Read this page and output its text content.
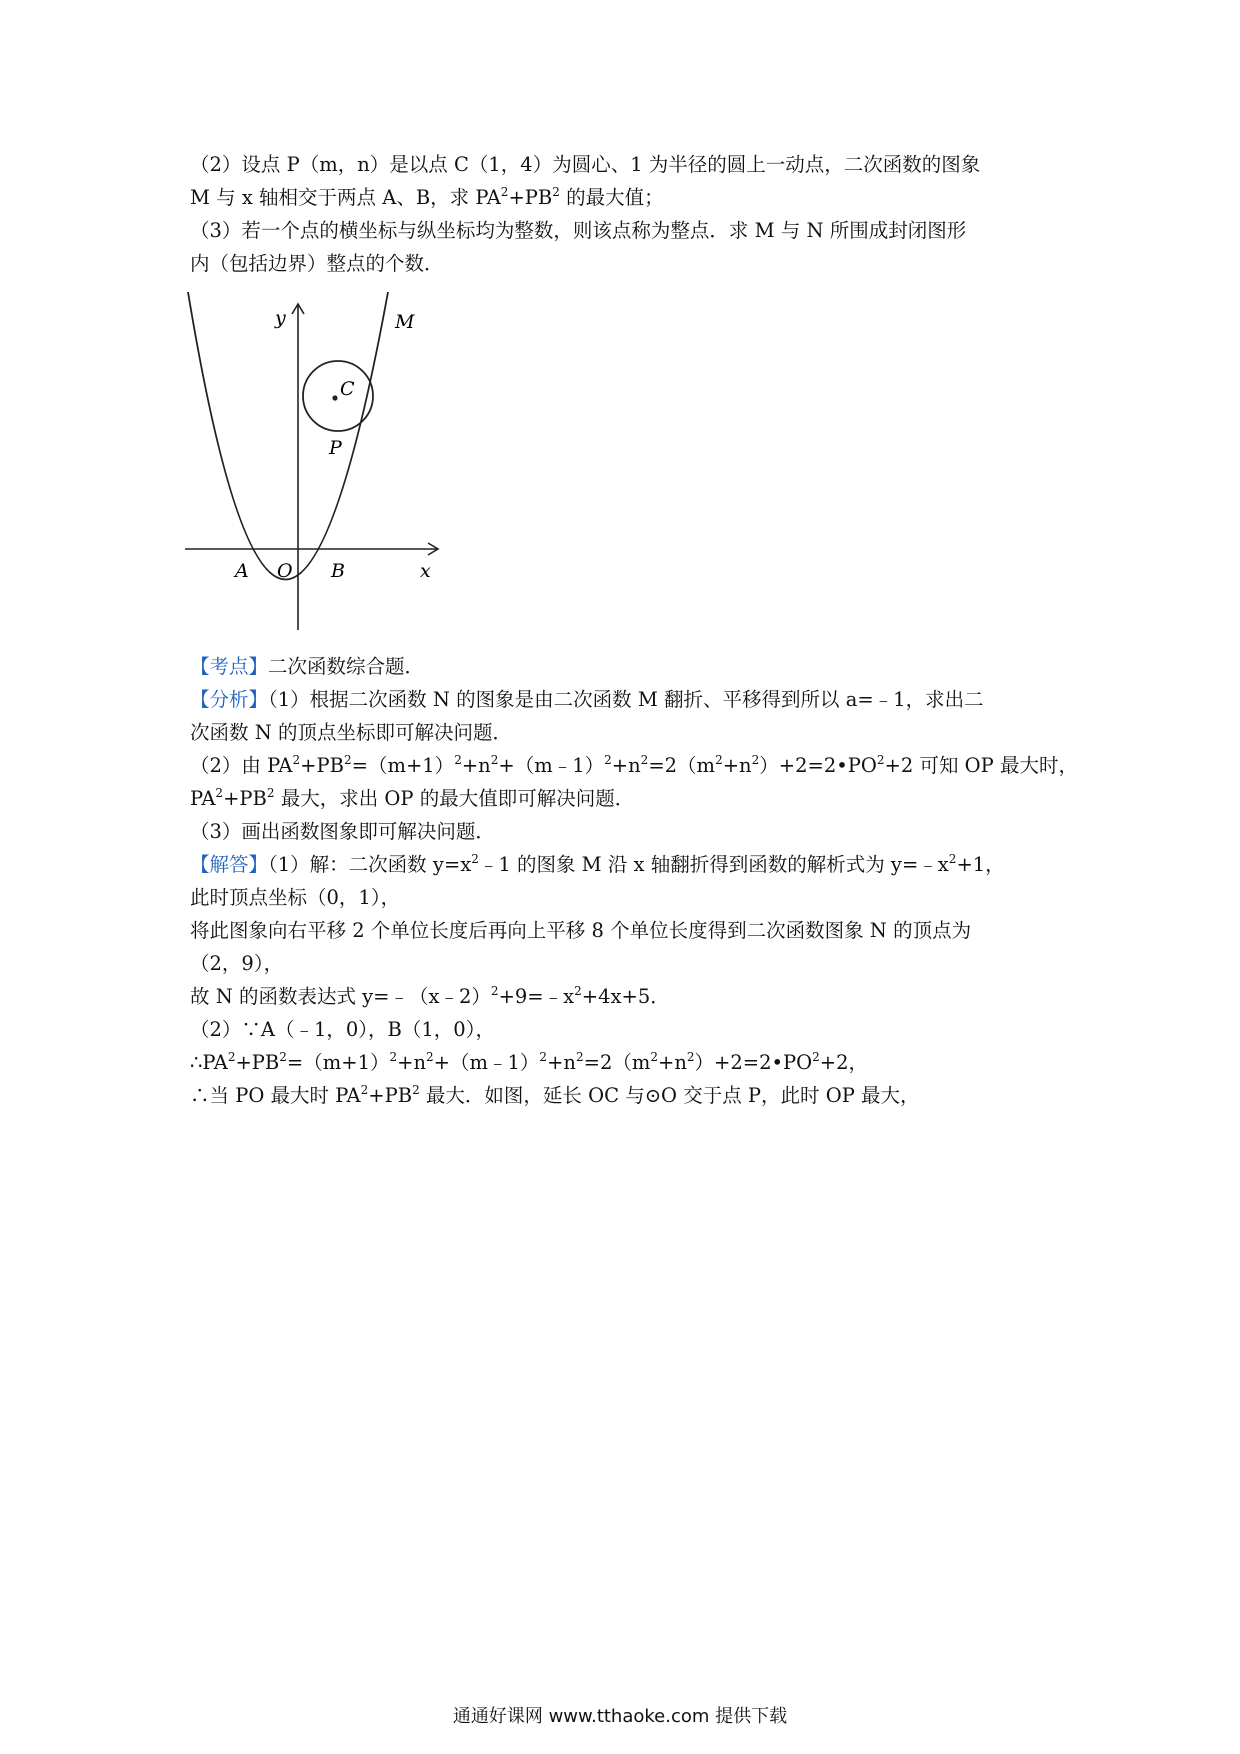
（2）设点 P（m，n）是以点 C（1，4）为圆心、1 为半径的圆上一动点，二次函数的图象

M 与 x 轴相交于两点 A、B，求 $PA^2+PB^2$ 的最大值；

（3）若一个点的横坐标与纵坐标均为整数，则该点称为整点．求 M 与 N 所围成封闭图形

内（包括边界）整点的个数．

【考点】二次函数综合题．

【分析】（1）根据二次函数 N 的图象是由二次函数 M 翻折、平移得到所以 a=﹣1，求出二

次函数 N 的顶点坐标即可解决问题．

（2）由 $PA^2+PB^2=(m+1)^2+n^2+(m﹣1)^2+n^2=2(m^2+n^2)+2=2•PO^2+2$ 可知 OP 最大时，

$PA^2+PB^2$ 最大，求出 OP 的最大值即可解决问题．

（3）画出函数图象即可解决问题．

【解答】（1）解：二次函数 $y=x^2﹣1$ 的图象 M 沿 x 轴翻折得到函数的解析式为 $y=﹣x^2+1$，

此时顶点坐标（0，1），

将此图象向右平移 2 个单位长度后再向上平移 8 个单位长度得到二次函数图象 N 的顶点为

（2，9），

故 N 的函数表达式 $y=﹣(x﹣2)^2+9=﹣x^2+4x+5$．

（2）∵A（﹣1，0），B（1，0），

$\therefore PA^2+PB^2=(m+1)^2+n^2+(m﹣1)^2+n^2=2(m^2+n^2)+2=2•PO^2+2$，

∴当 PO 最大时 $PA^2+PB^2$ 最大．如图，延长 OC 与⊙O 交于点 P，此时 OP 最大，

y	M
C
P
A O B	x
通通好课网 www.tthaoke.com 提供下载
